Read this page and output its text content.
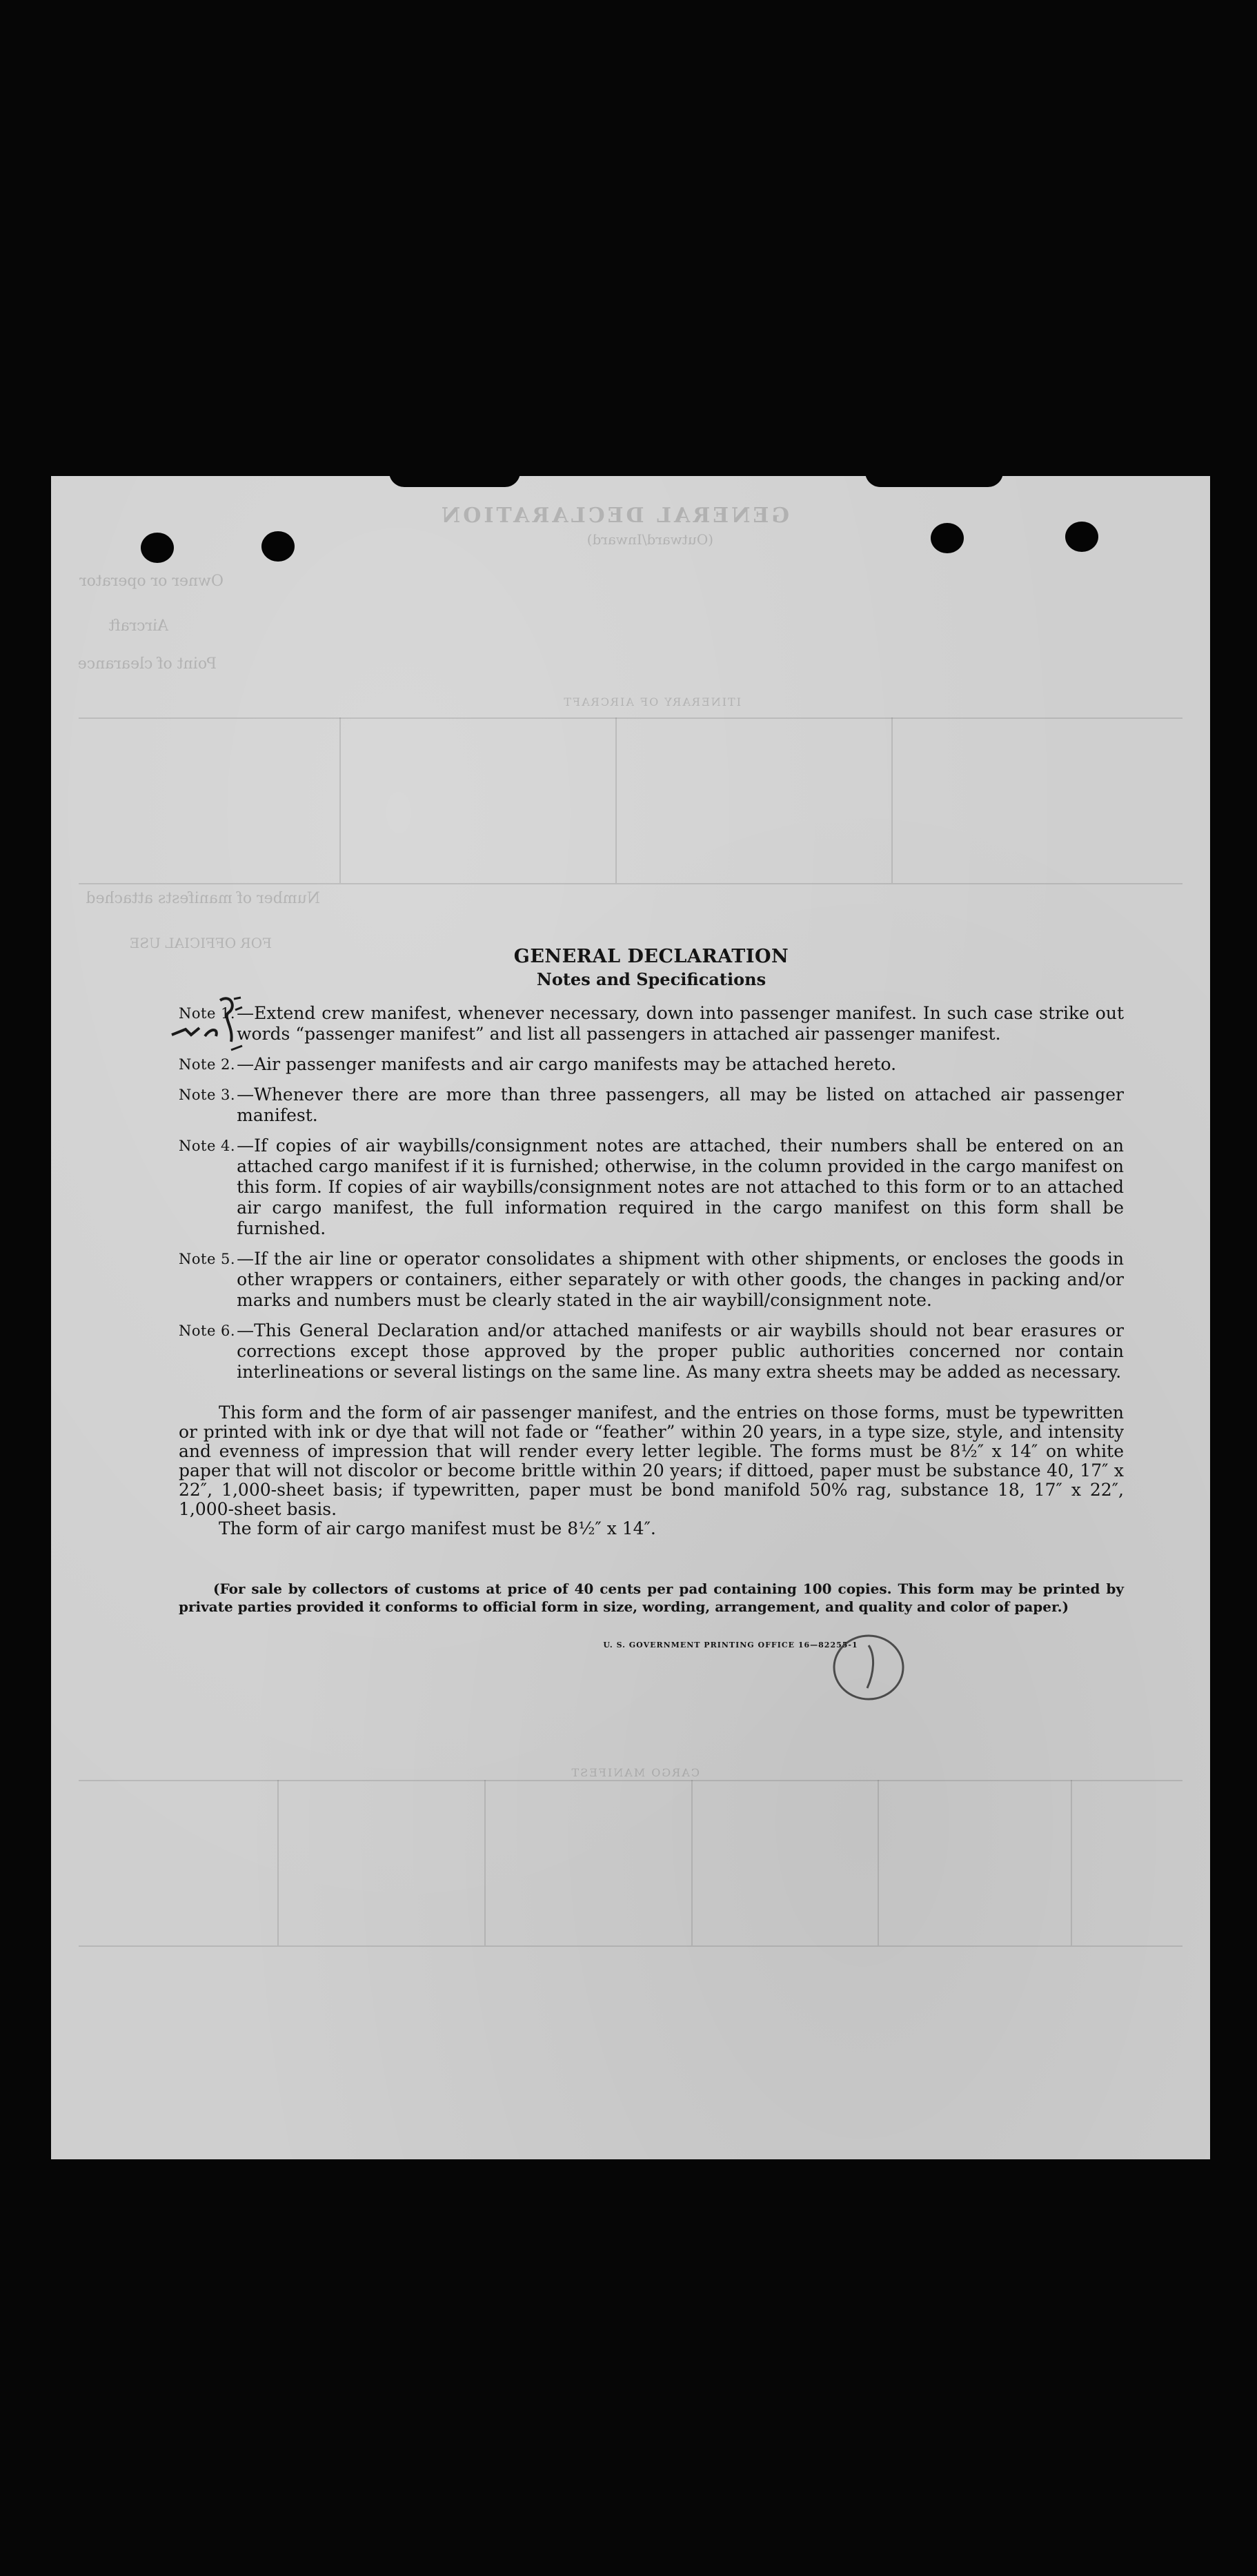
GENERAL DECLARATION
(Outward/Inward)
Owner or operator
Aircraft
Point of clearance
ITINERARY OF AIRCRAFT
Number of manifests attached
FOR OFFICIAL USE
CARGO MANIFEST
GENERAL DECLARATION
Notes and Specifications
Note 1. —Extend crew manifest, whenever necessary, down into passenger manifest. In such case strike out words “passenger manifest” and list all passengers in attached air passenger manifest.
Note 2. —Air passenger manifests and air cargo manifests may be attached hereto.
Note 3. —Whenever there are more than three passengers, all may be listed on attached air passenger manifest.
Note 4. —If copies of air waybills/consignment notes are attached, their numbers shall be entered on an attached cargo manifest if it is furnished; otherwise, in the column provided in the cargo manifest on this form. If copies of air waybills/consignment notes are not attached to this form or to an attached air cargo manifest, the full information required in the cargo manifest on this form shall be furnished.
Note 5. —If the air line or operator consolidates a shipment with other shipments, or encloses the goods in other wrappers or containers, either separately or with other goods, the changes in packing and/or marks and numbers must be clearly stated in the air waybill/consignment note.
Note 6. —This General Declaration and/or attached manifests or air waybills should not bear erasures or corrections except those approved by the proper public authorities concerned nor contain interlineations or several listings on the same line. As many extra sheets may be added as necessary.
This form and the form of air passenger manifest, and the entries on those forms, must be typewritten or printed with ink or dye that will not fade or “feather” within 20 years, in a type size, style, and intensity and evenness of impression that will render every letter legible. The forms must be 8½″ x 14″ on white paper that will not discolor or become brittle within 20 years; if dittoed, paper must be substance 40, 17″ x 22″, 1,000-sheet basis; if typewritten, paper must be bond manifold 50% rag, substance 18, 17″ x 22″, 1,000-sheet basis.
The form of air cargo manifest must be 8½″ x 14″.
(For sale by collectors of customs at price of 40 cents per pad containing 100 copies. This form may be printed by private parties provided it conforms to official form in size, wording, arrangement, and quality and color of paper.)
U. S. GOVERNMENT PRINTING OFFICE 16—82255-1
